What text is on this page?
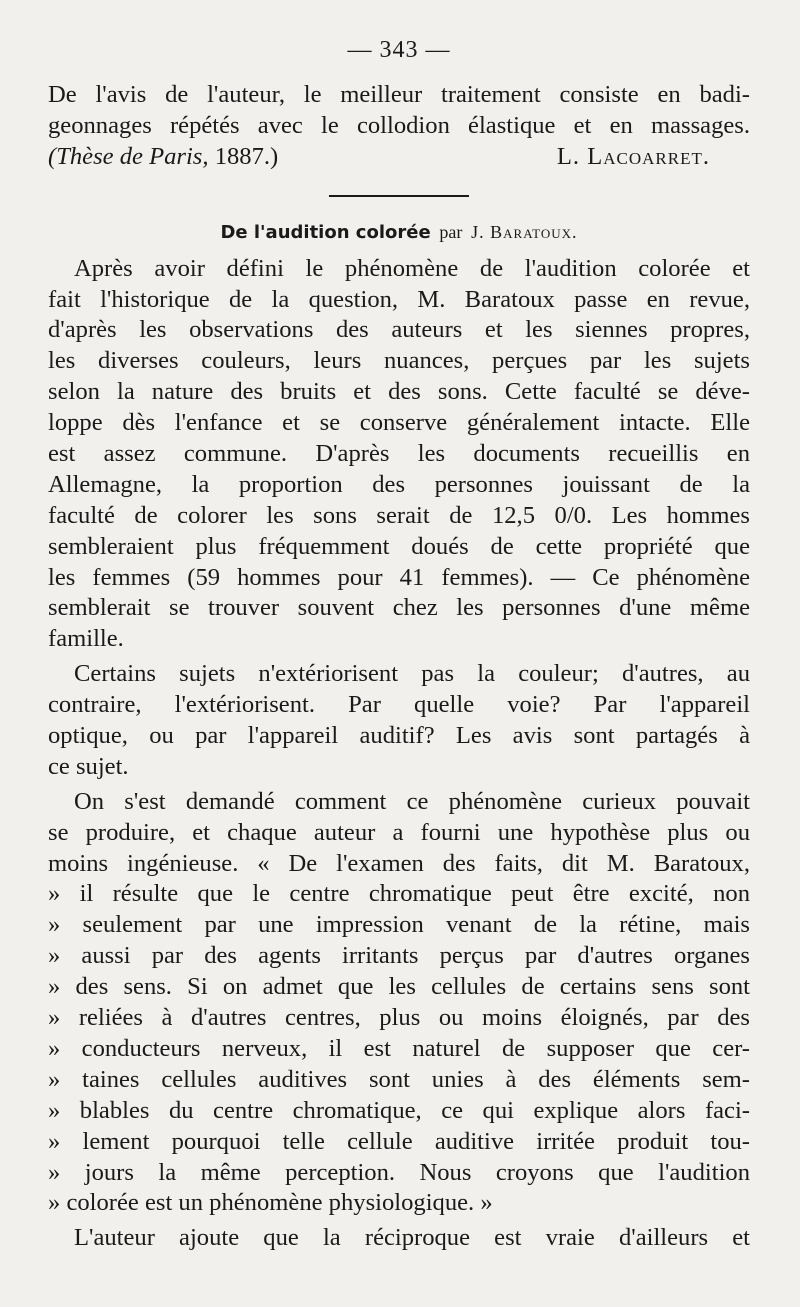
— 343 —
De l'avis de l'auteur, le meilleur traitement consiste en badi-
geonnages répétés avec le collodion élastique et en massages.
(Thèse de Paris, 1887.)	L. Lacoarret.
De l'audition colorée par J. Baratoux.
Après avoir défini le phénomène de l'audition colorée et
fait l'historique de la question, M. Baratoux passe en revue,
d'après les observations des auteurs et les siennes propres,
les diverses couleurs, leurs nuances, perçues par les sujets
selon la nature des bruits et des sons. Cette faculté se déve-
loppe dès l'enfance et se conserve généralement intacte. Elle
est assez commune. D'après les documents recueillis en
Allemagne, la proportion des personnes jouissant de la
faculté de colorer les sons serait de 12,5 0/0. Les hommes
sembleraient plus fréquemment doués de cette propriété que
les femmes (59 hommes pour 41 femmes). — Ce phénomène
semblerait se trouver souvent chez les personnes d'une même
famille.
Certains sujets n'extériorisent pas la couleur; d'autres, au
contraire, l'extériorisent. Par quelle voie? Par l'appareil
optique, ou par l'appareil auditif? Les avis sont partagés à
ce sujet.
On s'est demandé comment ce phénomène curieux pouvait
se produire, et chaque auteur a fourni une hypothèse plus ou
moins ingénieuse. « De l'examen des faits, dit M. Baratoux,
» il résulte que le centre chromatique peut être excité, non
» seulement par une impression venant de la rétine, mais
» aussi par des agents irritants perçus par d'autres organes
» des sens. Si on admet que les cellules de certains sens sont
» reliées à d'autres centres, plus ou moins éloignés, par des
» conducteurs nerveux, il est naturel de supposer que cer-
» taines cellules auditives sont unies à des éléments sem-
» blables du centre chromatique, ce qui explique alors faci-
» lement pourquoi telle cellule auditive irritée produit tou-
» jours la même perception. Nous croyons que l'audition
» colorée est un phénomène physiologique. »
L'auteur ajoute que la réciproque est vraie d'ailleurs et
